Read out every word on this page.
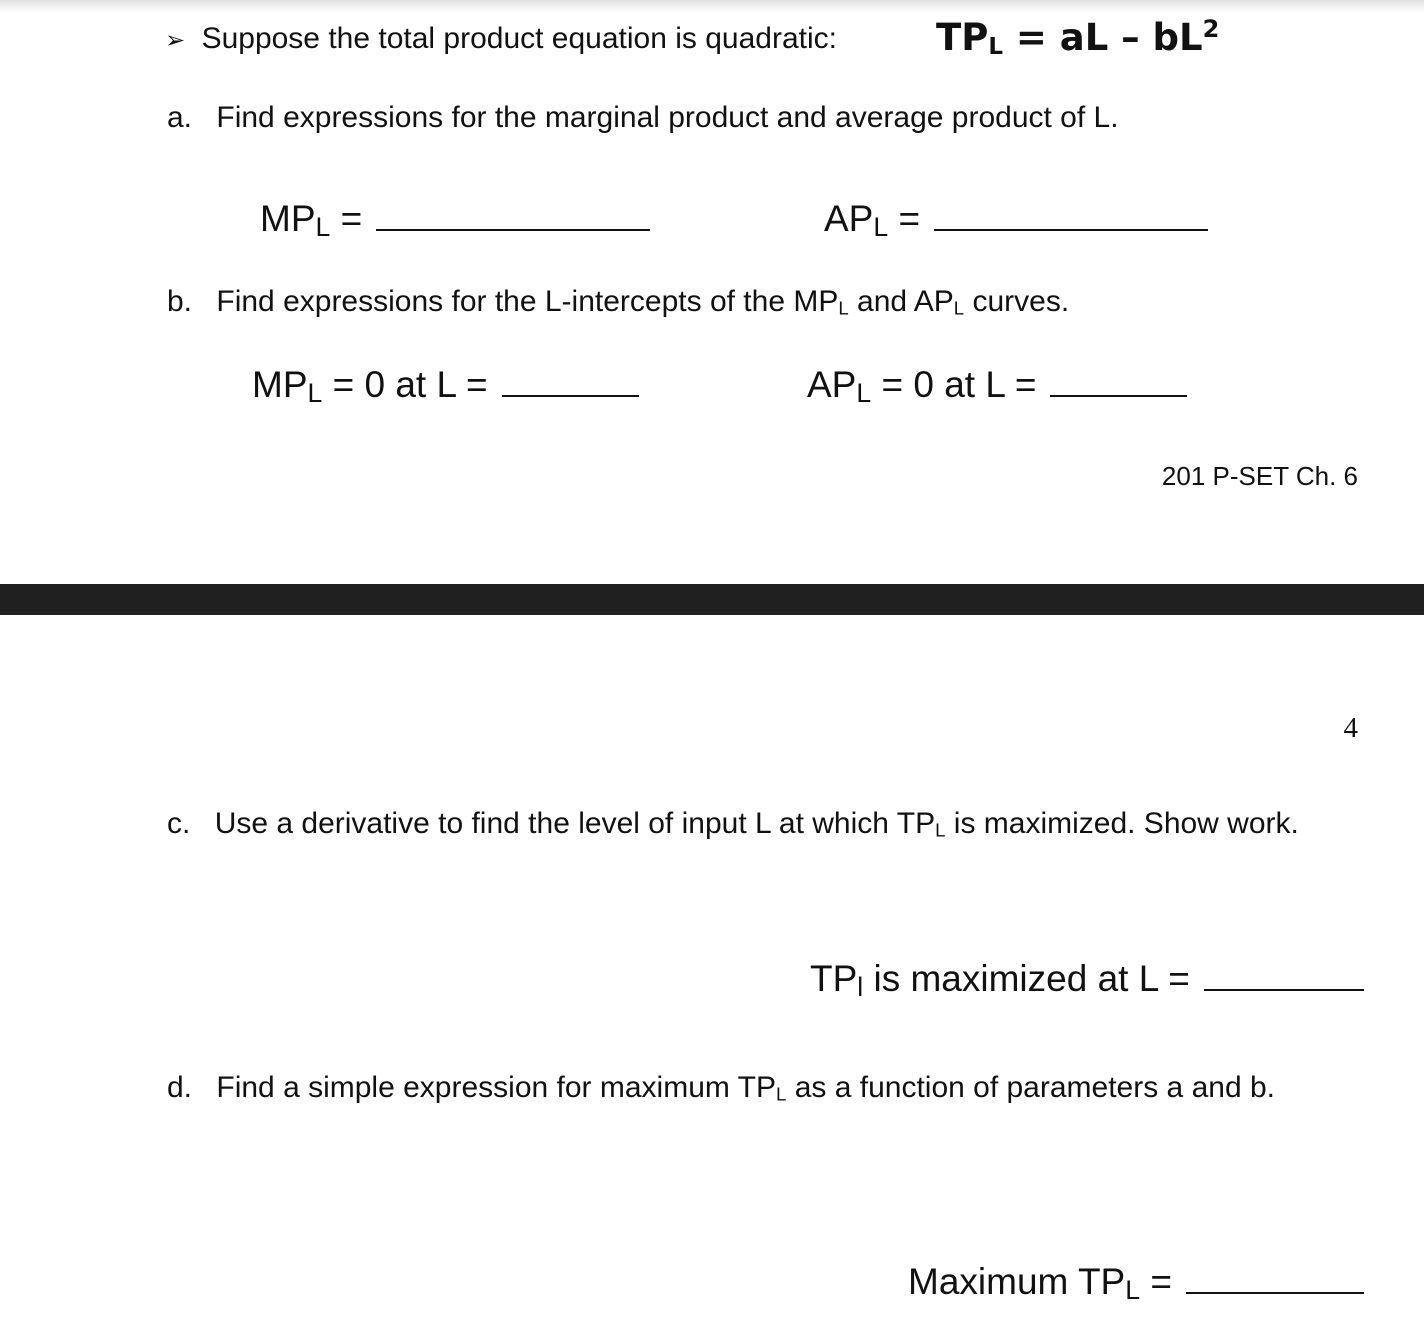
➢ Suppose the total product equation is quadratic:	TPL = aL – $bL^2$
a. Find expressions for the marginal product and average product of L.
MPL =	APL =
b. Find expressions for the L-intercepts of the MPL and APL curves.
MPL = 0 at L =	APL = 0 at L =
201 P-SET Ch. 6
4
c. Use a derivative to find the level of input L at which TPL is maximized. Show work.
TPl is maximized at L =
d. Find a simple expression for maximum TPL as a function of parameters a and b.
Maximum TPL =
